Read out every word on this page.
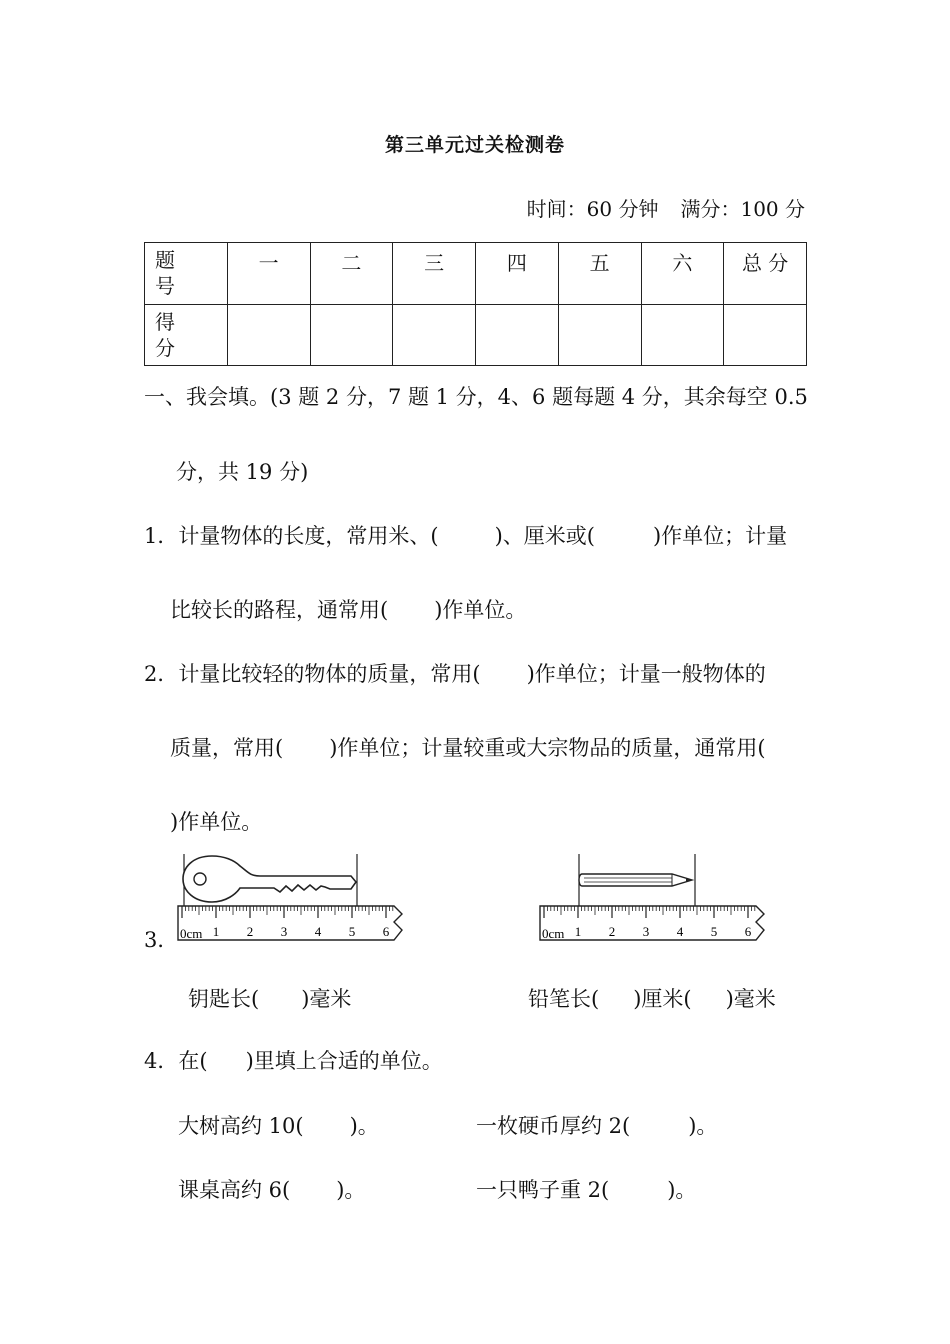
第三单元过关检测卷
时间：60 分钟 满分：100 分
题
号	一	二	三	四	五	六	总 分

得
分							

一、我会填。(3 题 2 分，7 题 1 分，4、6 题每题 4 分，其余每空 0.5
分，共 19 分)
1．计量物体的长度，常用米、(	)、厘米或(	)作单位；计量
比较长的路程，通常用( )作单位。
2．计量比较轻的物体的质量，常用( )作单位；计量一般物体的
质量，常用( )作单位；计量较重或大宗物品的质量，通常用(
)作单位。
3． 0cm 1 2 3 4 5 6	0cm 1 2 3 4 5 6
钥匙长( )毫米	铅笔长( )厘米( )毫米
4．在( )里填上合适的单位。
大树高约 10( )。	一枚硬币厚约 2(	)。
课桌高约 6( )。	一只鸭子重 2(	)。
